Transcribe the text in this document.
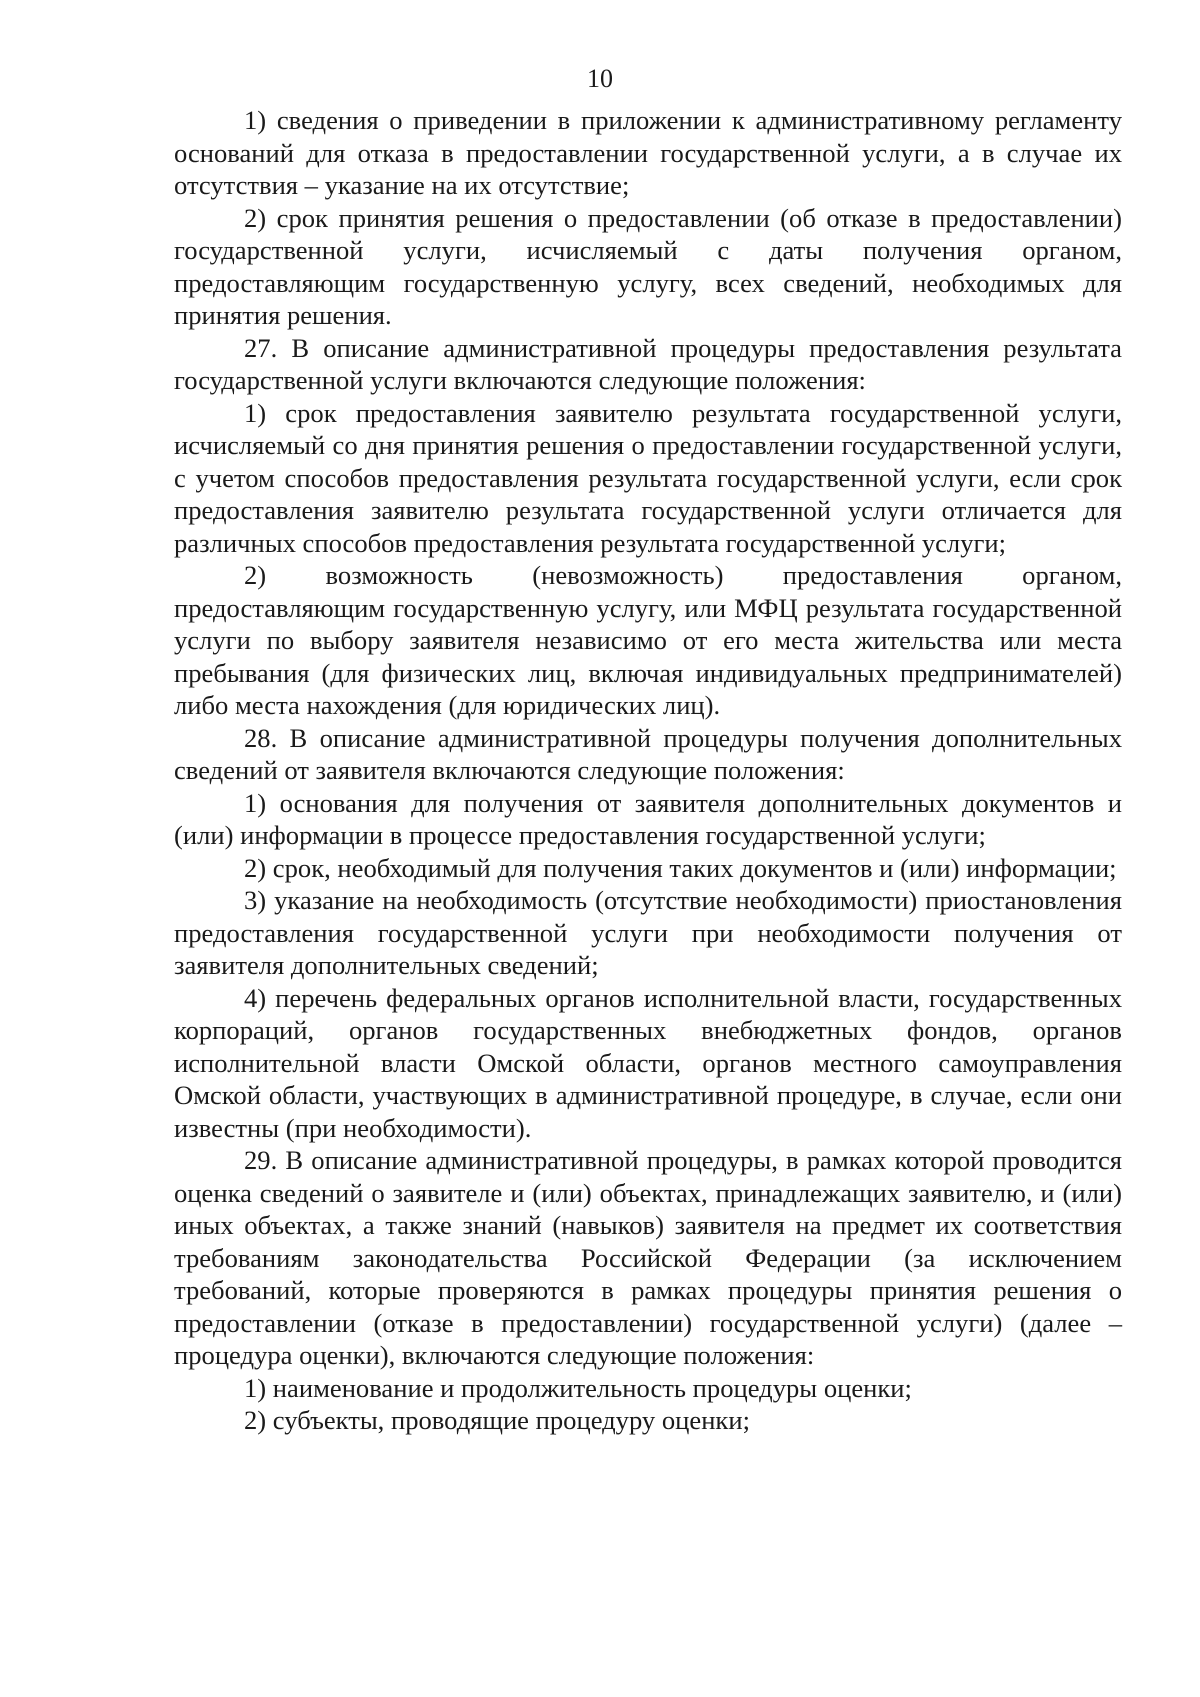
10

1) сведения о приведении в приложении к административному регламенту оснований для отказа в предоставлении государственной услуги, а в случае их отсутствия – указание на их отсутствие;

2) срок принятия решения о предоставлении (об отказе в предоставлении) государственной услуги, исчисляемый с даты получения органом, предоставляющим государственную услугу, всех сведений, необходимых для принятия решения.

27. В описание административной процедуры предоставления результата государственной услуги включаются следующие положения:

1) срок предоставления заявителю результата государственной услуги, исчисляемый со дня принятия решения о предоставлении государственной услуги, с учетом способов предоставления результата государственной услуги, если срок предоставления заявителю результата государственной услуги отличается для различных способов предоставления результата государственной услуги;

2) возможность (невозможность) предоставления органом, предоставляющим государственную услугу, или МФЦ результата государственной услуги по выбору заявителя независимо от его места жительства или места пребывания (для физических лиц, включая индивидуальных предпринимателей) либо места нахождения (для юридических лиц).

28. В описание административной процедуры получения дополнительных сведений от заявителя включаются следующие положения:

1) основания для получения от заявителя дополнительных документов и (или) информации в процессе предоставления государственной услуги;

2) срок, необходимый для получения таких документов и (или) информации;

3) указание на необходимость (отсутствие необходимости) приостановления предоставления государственной услуги при необходимости получения от заявителя дополнительных сведений;

4) перечень федеральных органов исполнительной власти, государственных корпораций, органов государственных внебюджетных фондов, органов исполнительной власти Омской области, органов местного самоуправления Омской области, участвующих в административной процедуре, в случае, если они известны (при необходимости).

29. В описание административной процедуры, в рамках которой проводится оценка сведений о заявителе и (или) объектах, принадлежащих заявителю, и (или) иных объектах, а также знаний (навыков) заявителя на предмет их соответствия требованиям законодательства Российской Федерации (за исключением требований, которые проверяются в рамках процедуры принятия решения о предоставлении (отказе в предоставлении) государственной услуги) (далее – процедура оценки), включаются следующие положения:

1) наименование и продолжительность процедуры оценки;

2) субъекты, проводящие процедуру оценки;
